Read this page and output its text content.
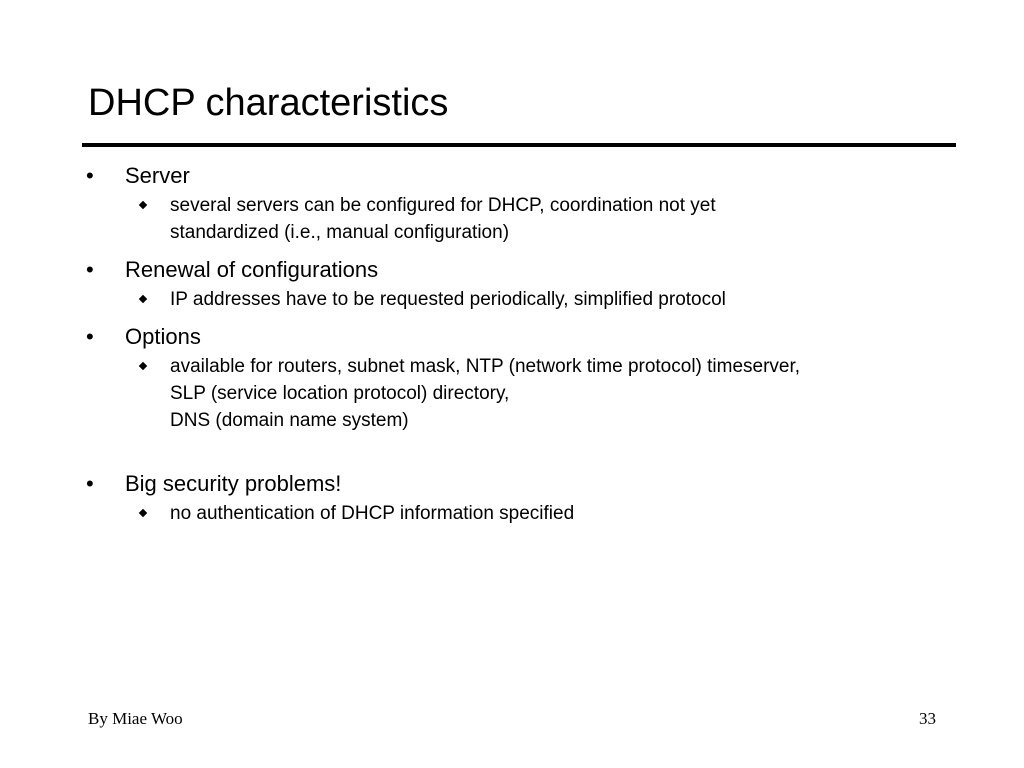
DHCP characteristics
• Server
several servers can be configured for DHCP, coordination not yet
standardized (i.e., manual configuration)
• Renewal of configurations
IP addresses have to be requested periodically, simplified protocol
• Options
available for routers, subnet mask, NTP (network time protocol) timeserver,
SLP (service location protocol) directory,
DNS (domain name system)
• Big security problems!
no authentication of DHCP information specified
By Miae Woo	33
